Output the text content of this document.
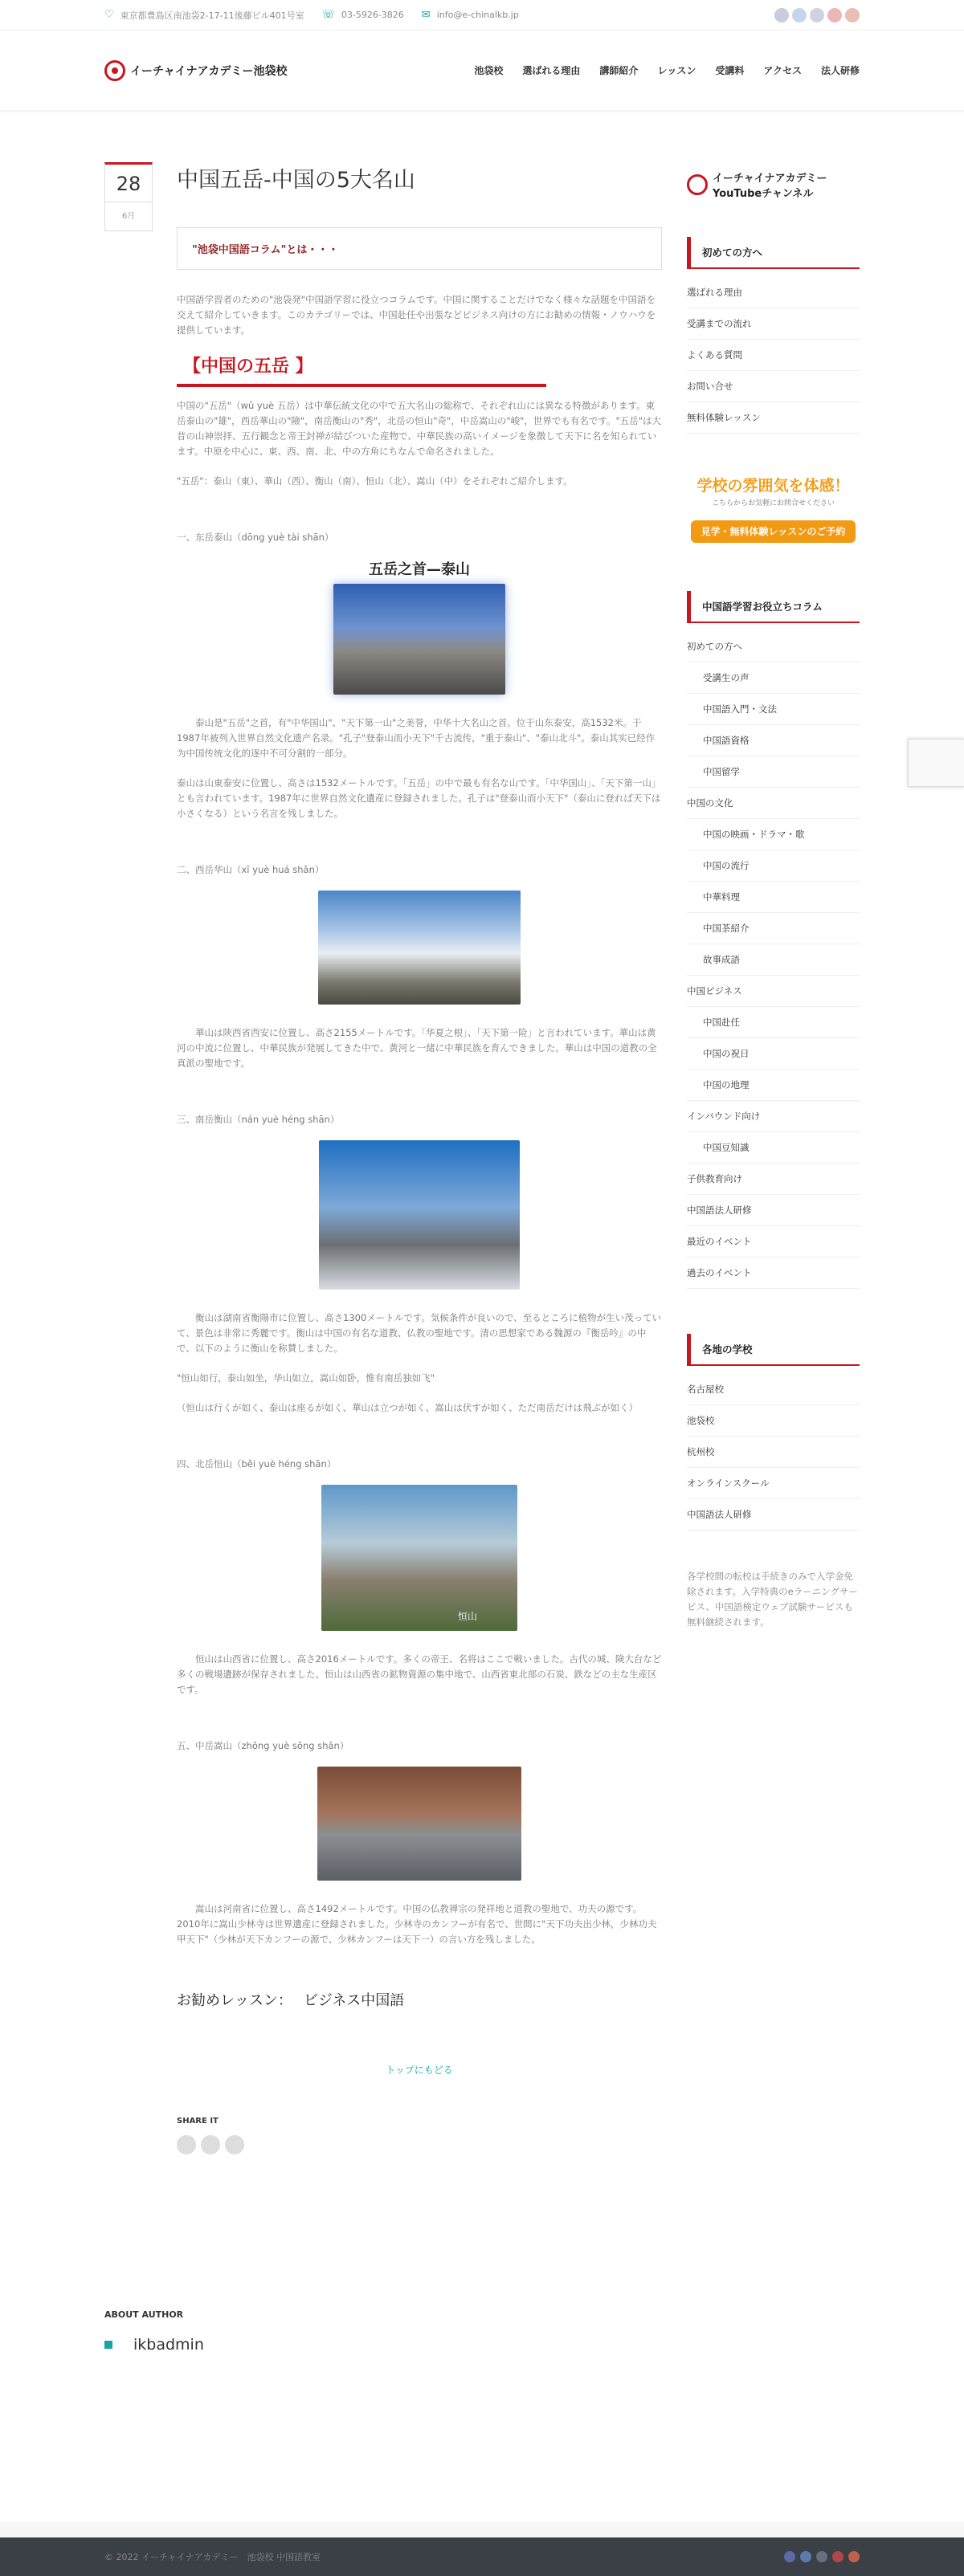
♡ 東京都豊島区南池袋2-17-11後藤ビル401号室 ☏ 03-5926-3826 ✉ info@e-chinalkb.jp
イーチャイナアカデミー池袋校	池袋校 選ばれる理由 講師紹介 レッスン 受講料 アクセス 法人研修
28
6月
中国五岳-中国の5大名山
"池袋中国語コラム"とは・・・

中国語学習者のための"池袋発"中国語学習に役立つコラムです。中国に関することだけでなく様々な話題を中国語を交えて紹介していきます。このカテゴリーでは、中国赴任や出張などビジネス向けの方にお勧めの情報・ノウハウを提供しています。

【中国の五岳 】

中国の"五岳"（wǔ yuè 五岳）は中華伝統文化の中で五大名山の総称で、それぞれ山には異なる特徴があります。東岳泰山の"雄"，西岳華山の"險"，南岳衡山の"秀"，北岳の恒山"奇"，中岳嵩山の"峻"，世界でも有名です。"五岳"は大昔の山神崇拝、五行観念と帝王封禅が結びついた産物で、中華民族の高いイメージを象徴して天下に名を知られています。中原を中心に、東、西、南、北、中の方角にちなんで命名されました。

"五岳"：泰山（東）、華山（西）、衡山（南）、恒山（北）、嵩山（中）をそれぞれご紹介します。

一、东岳泰山（dōng yuè tài shān）
五岳之首—泰山

　　泰山是"五岳"之首，有"中华国山"、"天下第一山"之美誉，中华十大名山之首。位于山东泰安，高1532米。于1987年被列入世界自然文化遗产名录。"孔子"登泰山而小天下"千古流传，"重于泰山"、"泰山北斗"。泰山其实已经作为中国传统文化的逐中不可分割的一部分。

泰山は山東泰安に位置し、高さは1532メートルです。「五岳」の中で最も有名な山です。「中华国山」、「天下第一山」とも言われています。1987年に世界自然文化遺産に登録されました。孔子は"登泰山而小天下"（泰山に登れば天下は小さくなる）という名言を残しました。

二、西岳华山（xī yuè huá shān）

　　華山は陝西省西安に位置し、高さ2155メートルです。「华夏之根」、「天下第一险」と言われています。華山は黄河の中流に位置し、中華民族が発展してきた中で、黄河と一緒に中華民族を育んできました。華山は中国の道教の全真派の聖地です。

三、南岳衡山（nán yuè héng shān）

　　衡山は湖南省衡陽市に位置し、高さ1300メートルです。気候条件が良いので、至るところに植物が生い茂っていて、景色は非常に秀麗です。衡山は中国の有名な道教、仏教の聖地です。清の思想家である魏源の『衡岳吟』の中で、以下のように衡山を称賛しました。

"恒山如行，泰山如坐，华山如立，嵩山如卧，惟有南岳独如飞"

（恒山は行くが如く、泰山は座るが如く、華山は立つが如く、嵩山は伏すが如く、ただ南岳だけは飛ぶが如く）

四、北岳恒山（běi yuè héng shān）
恒山

　　恒山は山西省に位置し、高さ2016メートルです。多くの帝王、名将はここで戦いました。古代の城、険大台など多くの戦場遺跡が保存されました。恒山は山西省の鉱物資源の集中地で、山西省東北部の石炭、鉄などの主な生産区です。

五、中岳嵩山（zhōng yuè sōng shān）

　　嵩山は河南省に位置し、高さ1492メートルです。中国の仏教禅宗の発祥地と道教の聖地で、功夫の源です。2010年に嵩山少林寺は世界遺産に登録されました。少林寺のカンフーが有名で、世間に"天下功夫出少林，少林功夫甲天下"（少林が天下カンフーの源で、少林カンフーは天下一）の言い方を残しました。

お勧めレッスン： ビジネス中国語
トップにもどる
SHARE IT
イーチャイナアカデミー YouTubeチャンネル
初めての方へ
選ばれる理由
受講までの流れ
よくある質問
お問い合せ
無料体験レッスン
学校の雰囲気を体感！
こちらからお気軽にお問合せください
見学・無料体験レッスンのご予約
中国語学習お役立ちコラム
初めての方へ
受講生の声
中国語入門・文法
中国語資格
中国留学
中国の文化
中国の映画・ドラマ・歌
中国の流行
中華料理
中国茶紹介
故事成語
中国ビジネス
中国赴任
中国の祝日
中国の地理
インバウンド向け
中国豆知識
子供教育向け
中国語法人研修
最近のイベント
過去のイベント
各地の学校
名古屋校
池袋校
杭州校
オンラインスクール
中国語法人研修
各学校間の転校は手続きのみで入学金免除されます。入学特典のeラーニングサービス、中国語検定ウェブ試験サービスも無料継続されます。
ABOUT AUTHOR
ikbadmin
© 2022 イーチャイナアカデミー　池袋校 中国語教室
